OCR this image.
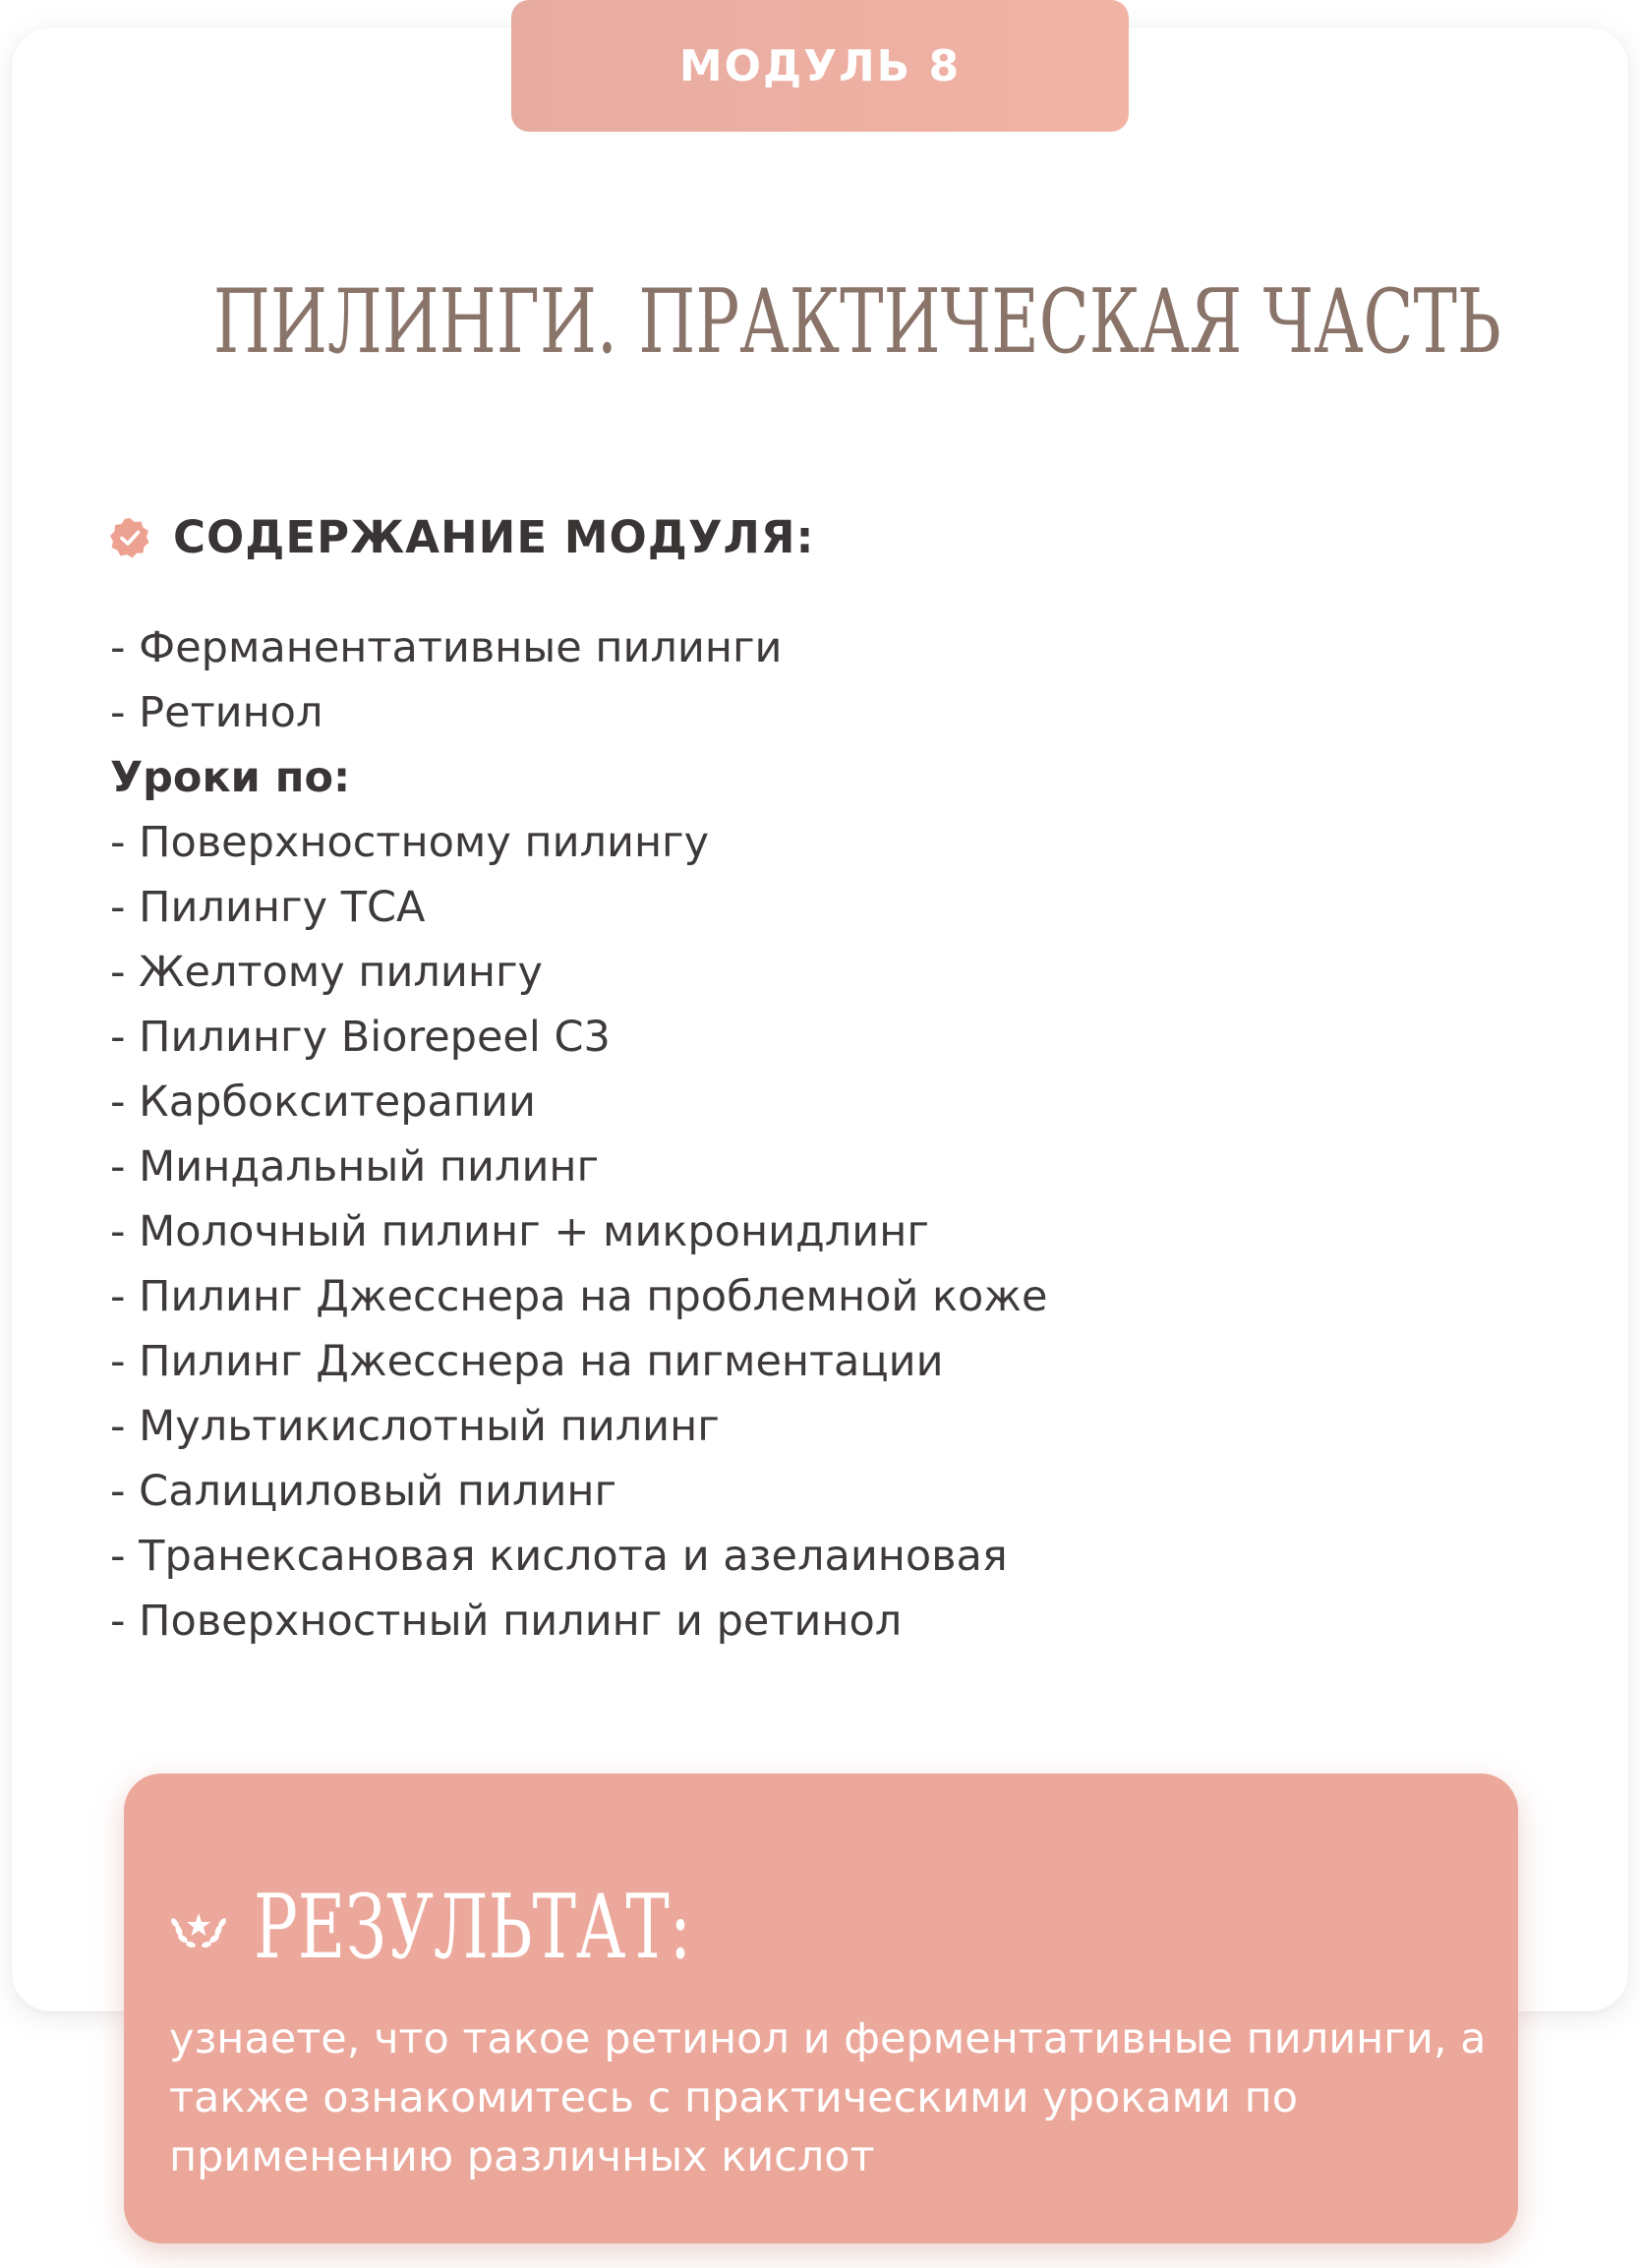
МОДУЛЬ 8
ПИЛИНГИ. ПРАКТИЧЕСКАЯ ЧАСТЬ
СОДЕРЖАНИЕ МОДУЛЯ:
- Ферманентативные пилинги
- Ретинол
Уроки по:
- Поверхностному пилингу
- Пилингу ТСА
- Желтому пилингу
- Пилингу Biorepeel C3
- Карбокситерапии
- Миндальный пилинг
- Молочный пилинг + микронидлинг
- Пилинг Джесснера на проблемной коже
- Пилинг Джесснера на пигментации
- Мультикислотный пилинг
- Салициловый пилинг
- Транексановая кислота и азелаиновая
- Поверхностный пилинг и ретинол
РЕЗУЛЬТАТ:
узнаете, что такое ретинол и ферментативные пилинги, а также ознакомитесь с практическими уроками по применению различных кислот
